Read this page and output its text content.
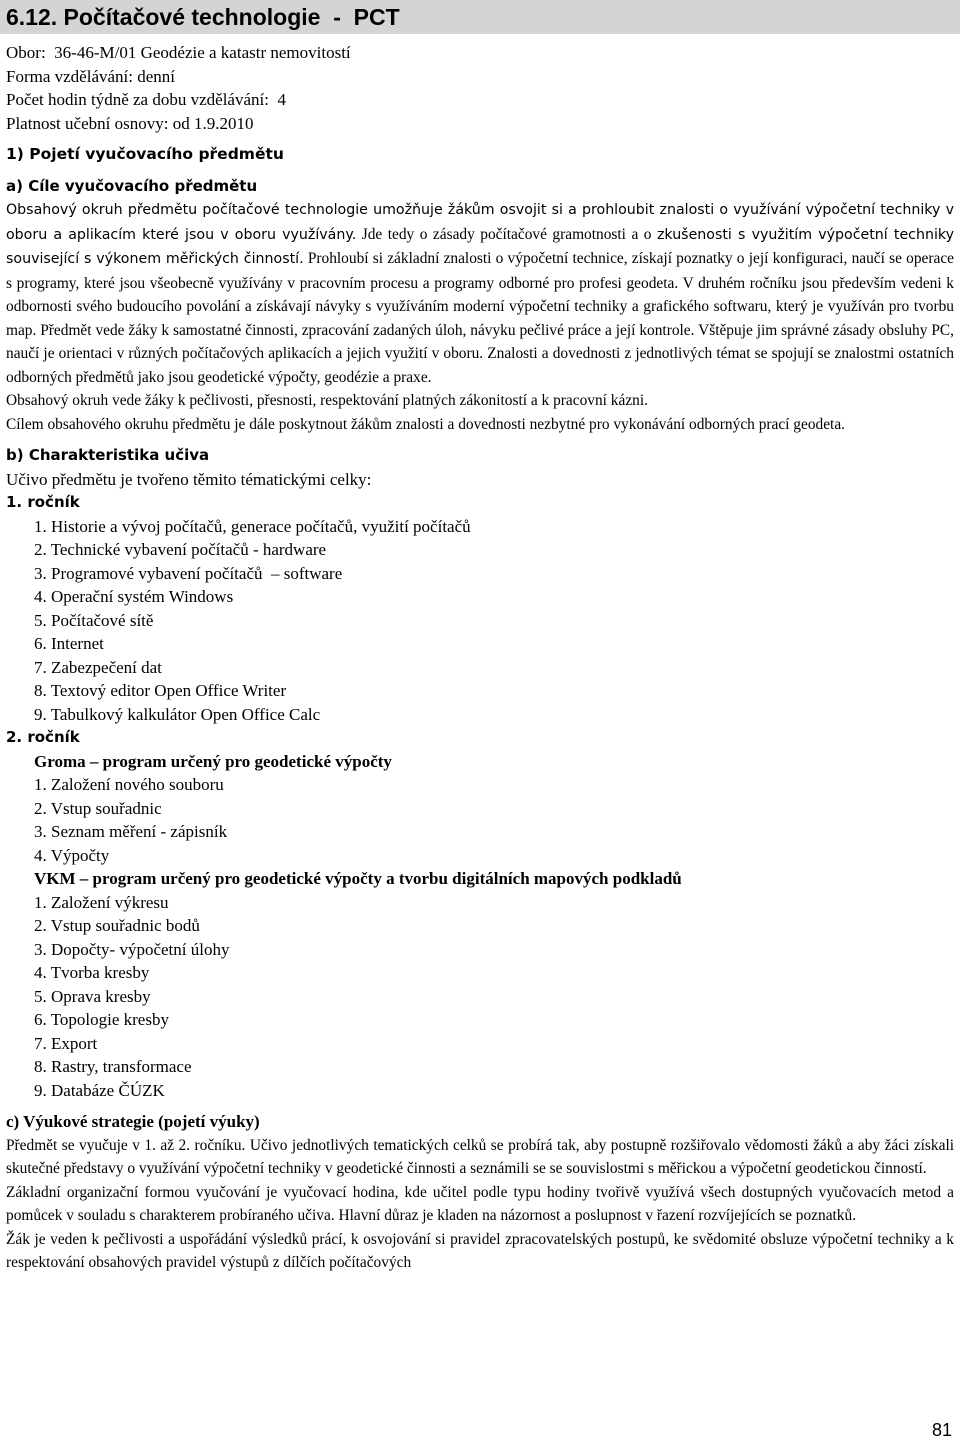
6.12. Počítačové technologie  -  PCT
Obor:  36-46-M/01 Geodézie a katastr nemovitostí
Forma vzdělávání: denní
Počet hodin týdně za dobu vzdělávání:  4
Platnost učební osnovy: od 1.9.2010
1) Pojetí vyučovacího předmětu
a) Cíle vyučovacího předmětu
Obsahový okruh předmětu počítačové technologie umožňuje žákům osvojit si a prohloubit znalosti o využívání výpočetní techniky v oboru a aplikacím které jsou v oboru využívány. Jde tedy o zásady počítačové gramotnosti a o zkušenosti s využitím výpočetní techniky související s výkonem měřických činností. Prohloubí si základní znalosti o výpočetní technice, získají poznatky o její konfiguraci, naučí se operace s programy, které jsou všeobecně využívány v pracovním procesu a programy odborné pro profesi geodeta. V druhém ročníku jsou především vedeni k odbornosti svého budoucího povolání a získávají návyky s využíváním moderní výpočetní techniky a grafického softwaru, který je využíván pro tvorbu map. Předmět vede žáky k samostatné činnosti, zpracování zadaných úloh, návyku pečlivé práce a její kontrole. Vštěpuje jim správné zásady obsluhy PC, naučí je orientaci v různých počítačových aplikacích a jejich využití v oboru. Znalosti a dovednosti z jednotlivých témat se spojují se znalostmi ostatních odborných předmětů jako jsou geodetické výpočty, geodézie a praxe.
Obsahový okruh vede žáky k pečlivosti, přesnosti, respektování platných zákonitostí a k pracovní kázni.
Cílem obsahového okruhu předmětu je dále poskytnout žákům znalosti a dovednosti nezbytné pro vykonávání odborných prací geodeta.
b) Charakteristika učiva
Učivo předmětu je tvořeno těmito tématickými celky:
1. ročník
1. Historie a vývoj počítačů, generace počítačů, využití počítačů
2. Technické vybavení počítačů - hardware
3. Programové vybavení počítačů  – software
4. Operační systém Windows
5. Počítačové sítě
6. Internet
7. Zabezpečení dat
8. Textový editor Open Office Writer
9. Tabulkový kalkulátor Open Office Calc
2. ročník
Groma – program určený pro geodetické výpočty
1. Založení nového souboru
2. Vstup souřadnic
3. Seznam měření - zápisník
4. Výpočty
VKM – program určený pro geodetické výpočty a tvorbu digitálních mapových podkladů
1. Založení výkresu
2. Vstup souřadnic bodů
3. Dopočty- výpočetní úlohy
4. Tvorba kresby
5. Oprava kresby
6. Topologie kresby
7. Export
8. Rastry, transformace
9. Databáze ČÚZK
c) Výukové strategie (pojetí výuky)
Předmět se vyučuje v 1. až 2. ročníku. Učivo jednotlivých tematických celků se probírá tak, aby postupně rozšiřovalo vědomosti žáků a aby žáci získali skutečné představy o využívání výpočetní techniky v geodetické činnosti a seznámili se se souvislostmi s měřickou a výpočetní geodetickou činností.
Základní organizační formou vyučování je vyučovací hodina, kde učitel podle typu hodiny tvořivě využívá všech dostupných vyučovacích metod a pomůcek v souladu s charakterem probíraného učiva. Hlavní důraz je kladen na názornost a poslupnost v řazení rozvíjejících se poznatků.
Žák je veden k pečlivosti a uspořádání výsledků prácí, k osvojování si pravidel zpracovatelských postupů, ke svědomité obsluze výpočetní techniky a k respektování obsahových pravidel výstupů z dílčích počítačových
81
